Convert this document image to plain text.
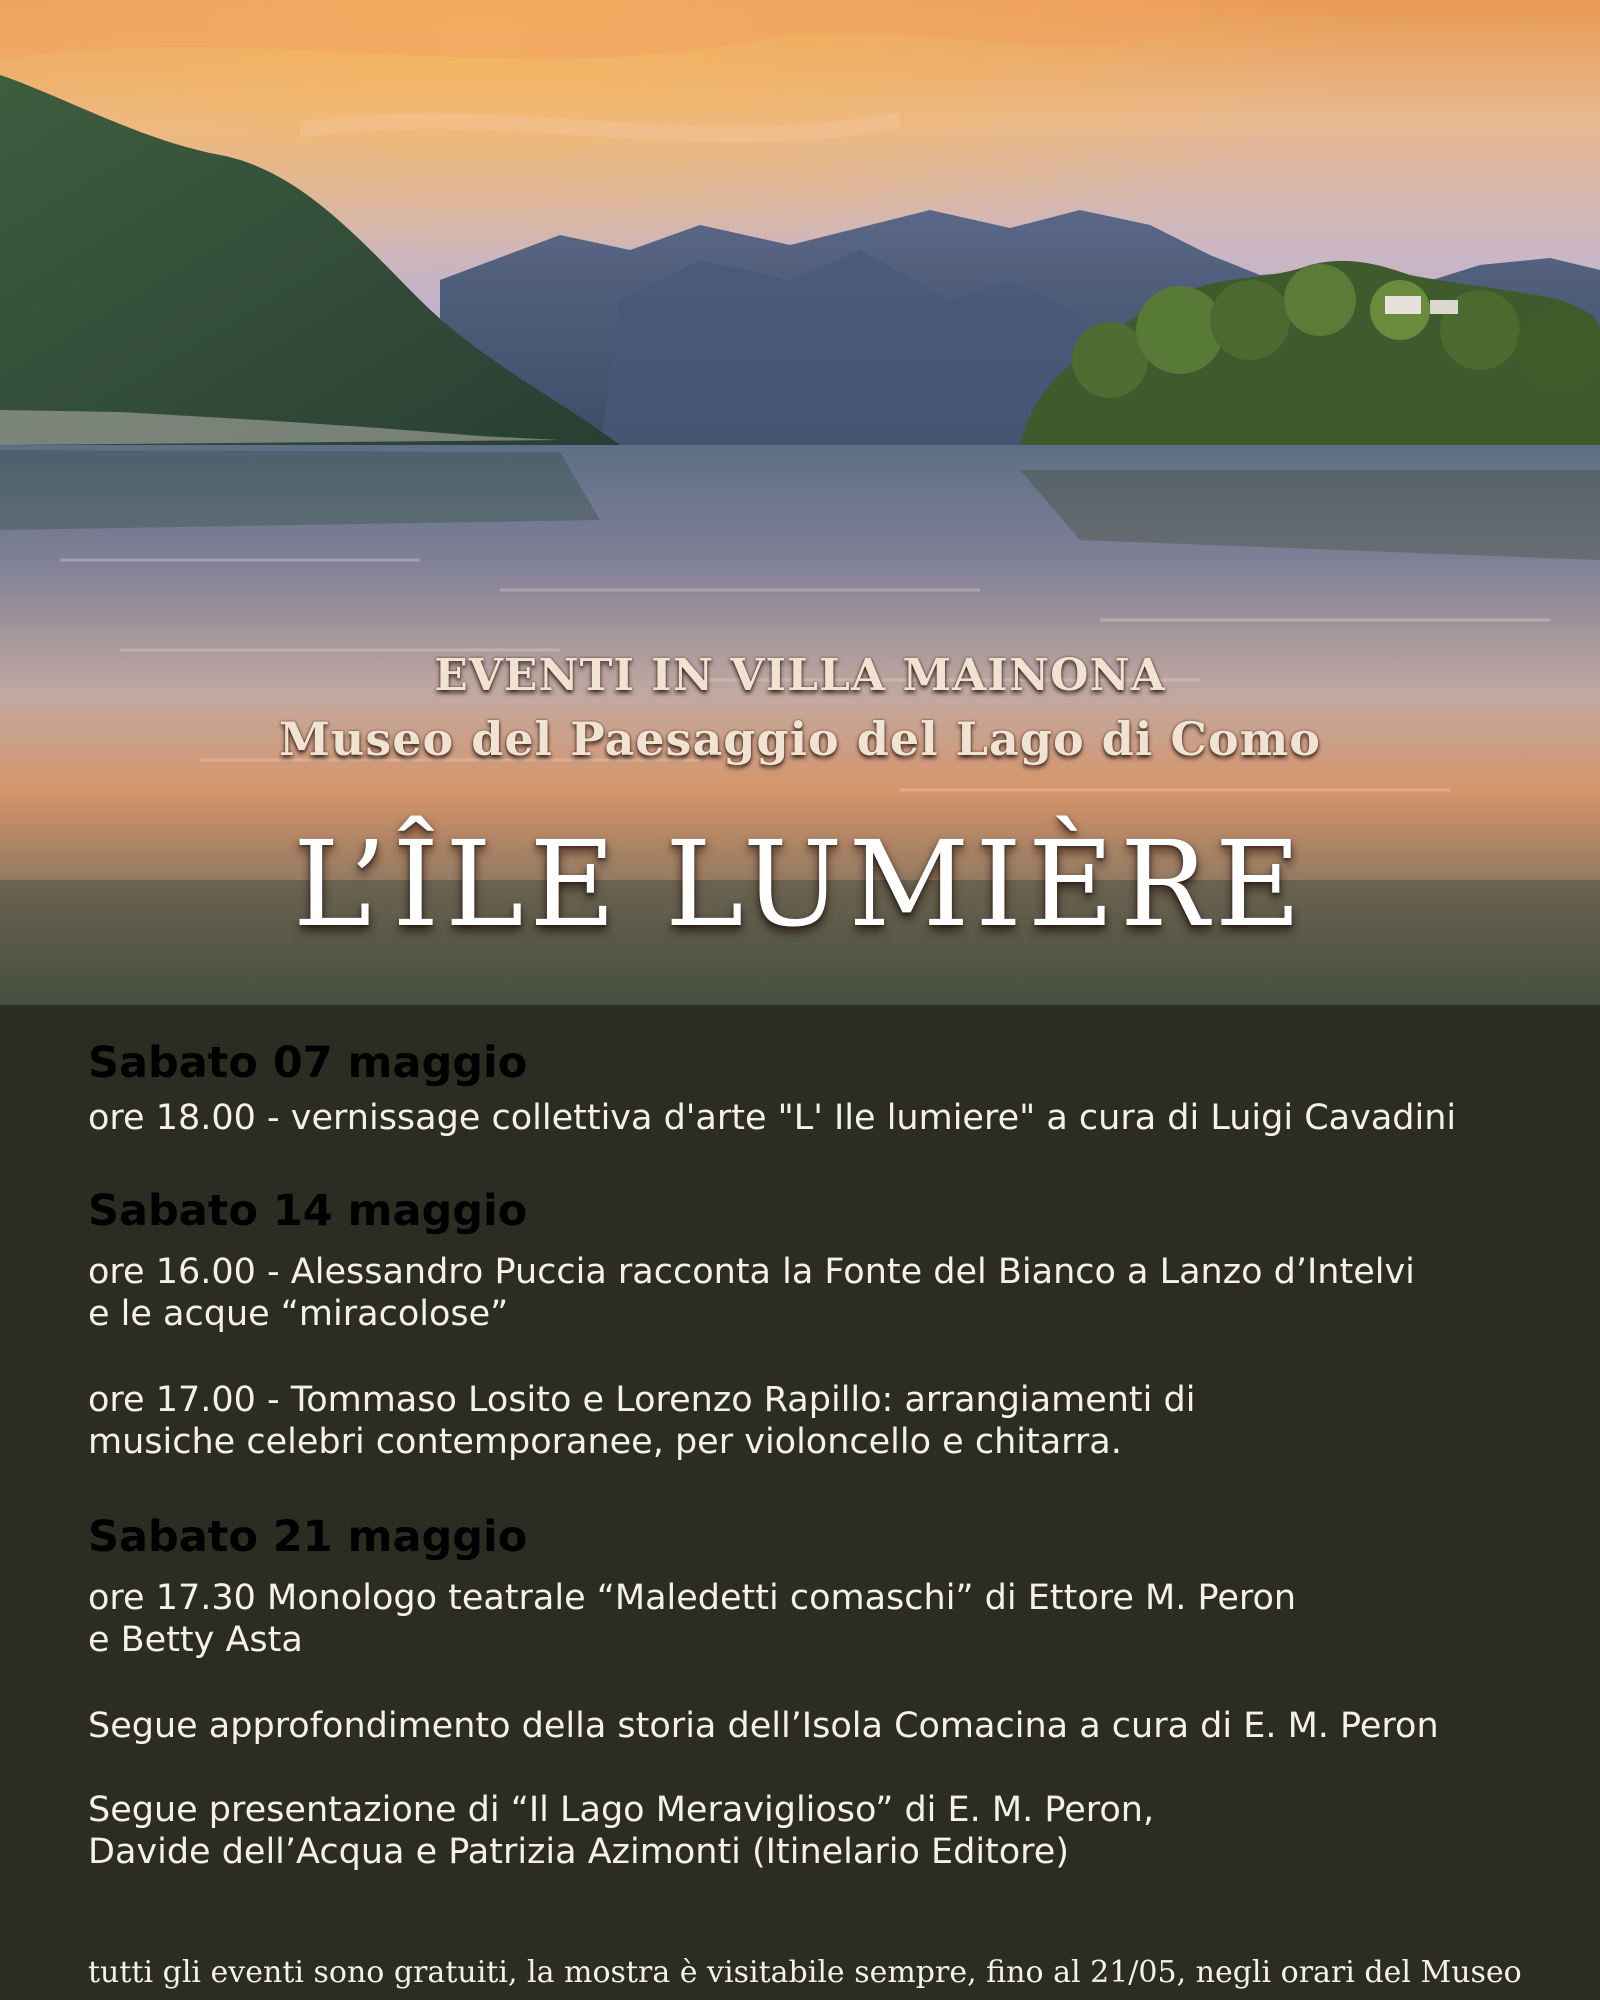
EVENTI IN VILLA MAINONA
Museo del Paesaggio del Lago di Como
L’ÎLE LUMIÈRE
Sabato 07 maggio
ore 18.00 - vernissage collettiva d'arte "L' Ile lumiere" a cura di Luigi Cavadini
Sabato 14 maggio
ore 16.00 - Alessandro Puccia racconta la Fonte del Bianco a Lanzo d’Intelvi
e le acque “miracolose”
ore 17.00 - Tommaso Losito e Lorenzo Rapillo: arrangiamenti di
musiche celebri contemporanee, per violoncello e chitarra.
Sabato 21 maggio
ore 17.30 Monologo teatrale “Maledetti comaschi” di Ettore M. Peron
e Betty Asta
Segue approfondimento della storia dell’Isola Comacina a cura di E. M. Peron
Segue presentazione di “Il Lago Meraviglioso” di E. M. Peron,
Davide dell’Acqua e Patrizia Azimonti (Itinelario Editore)
tutti gli eventi sono gratuiti, la mostra è visitabile sempre, fino al 21/05, negli orari del Museo
